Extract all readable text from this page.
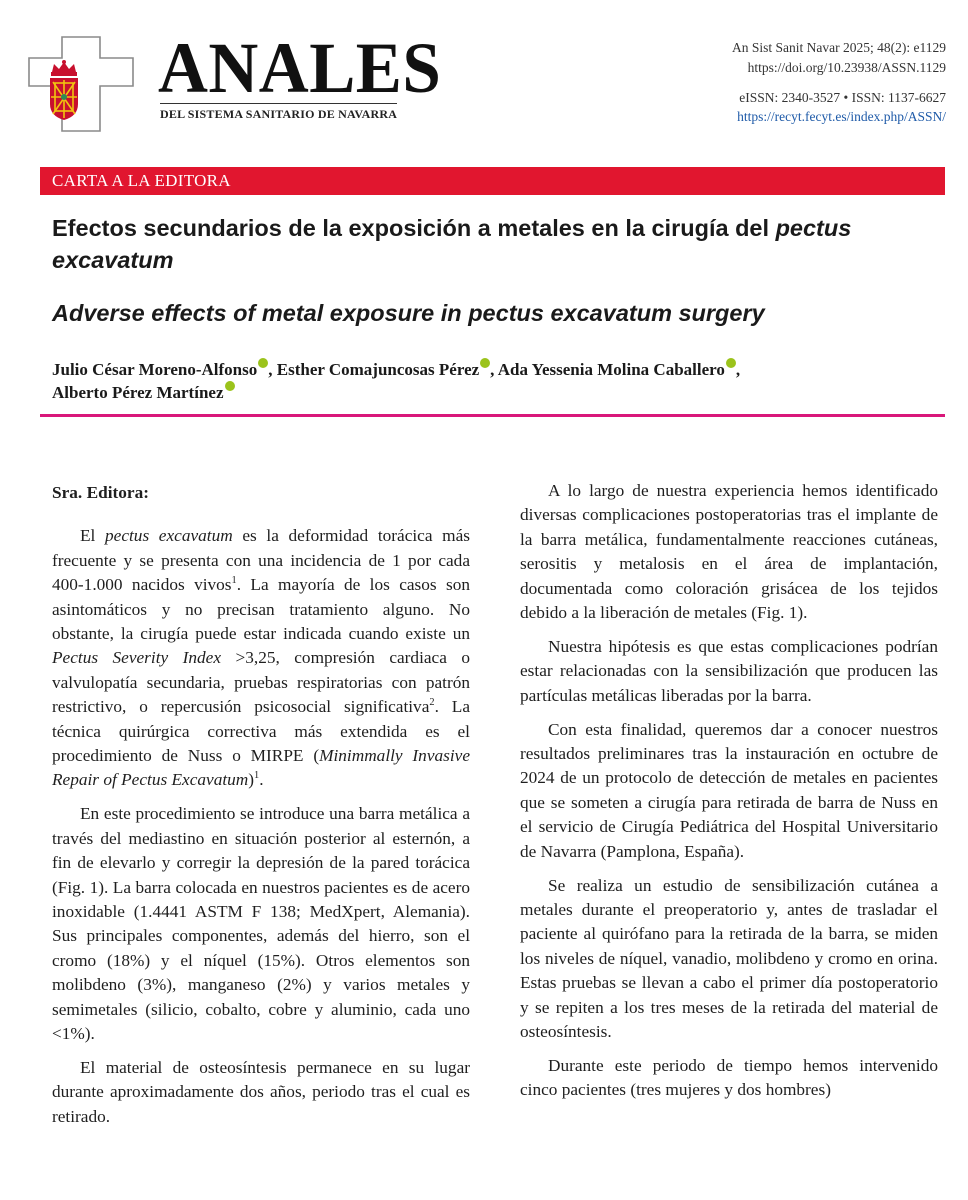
ANALES
DEL SISTEMA SANITARIO DE NAVARRA
An Sist Sanit Navar 2025; 48(2): e1129
https://doi.org/10.23938/ASSN.1129
eISSN: 2340-3527 • ISSN: 1137-6627
https://recyt.fecyt.es/index.php/ASSN/
CARTA A LA EDITORA
Efectos secundarios de la exposición a metales en la cirugía del pectus excavatum
Adverse effects of metal exposure in pectus excavatum surgery
Julio César Moreno-Alfonso , Esther Comajuncosas Pérez , Ada Yessenia Molina Caballero ,
Alberto Pérez Martínez

Sra. Editora:

El pectus excavatum es la deformidad torácica más frecuente y se presenta con una incidencia de 1 por cada 400-1.000 nacidos vivos$^1$. La mayoría de los casos son asintomáticos y no precisan tratamiento alguno. No obstante, la cirugía puede estar indicada cuando existe un Pectus Severity Index >3,25, compresión cardiaca o valvulopatía secundaria, pruebas respiratorias con patrón restrictivo, o repercusión psicosocial significativa$^2$. La técnica quirúrgica correctiva más extendida es el procedimiento de Nuss o MIRPE (Minimmally Invasive Repair of Pectus Excavatum)$^1$.

En este procedimiento se introduce una barra metálica a través del mediastino en situación posterior al esternón, a fin de elevarlo y corregir la depresión de la pared torácica (Fig. 1). La barra colocada en nuestros pacientes es de acero inoxidable (1.4441 ASTM F 138; MedXpert, Alemania). Sus principales componentes, además del hierro, son el cromo (18%) y el níquel (15%). Otros elementos son molibdeno (3%), manganeso (2%) y varios metales y semimetales (silicio, cobalto, cobre y aluminio, cada uno <1%).

El material de osteosíntesis permanece en su lugar durante aproximadamente dos años, periodo tras el cual es retirado.

A lo largo de nuestra experiencia hemos identificado diversas complicaciones postoperatorias tras el implante de la barra metálica, fundamentalmente reacciones cutáneas, serositis y metalosis en el área de implantación, documentada como coloración grisácea de los tejidos debido a la liberación de metales (Fig. 1).

Nuestra hipótesis es que estas complicaciones podrían estar relacionadas con la sensibilización que producen las partículas metálicas liberadas por la barra.

Con esta finalidad, queremos dar a conocer nuestros resultados preliminares tras la instauración en octubre de 2024 de un protocolo de detección de metales en pacientes que se someten a cirugía para retirada de barra de Nuss en el servicio de Cirugía Pediátrica del Hospital Universitario de Navarra (Pamplona, España).

Se realiza un estudio de sensibilización cutánea a metales durante el preoperatorio y, antes de trasladar el paciente al quirófano para la retirada de la barra, se miden los niveles de níquel, vanadio, molibdeno y cromo en orina. Estas pruebas se llevan a cabo el primer día postoperatorio y se repiten a los tres meses de la retirada del material de osteosíntesis.

Durante este periodo de tiempo hemos intervenido cinco pacientes (tres mujeres y dos hombres)
